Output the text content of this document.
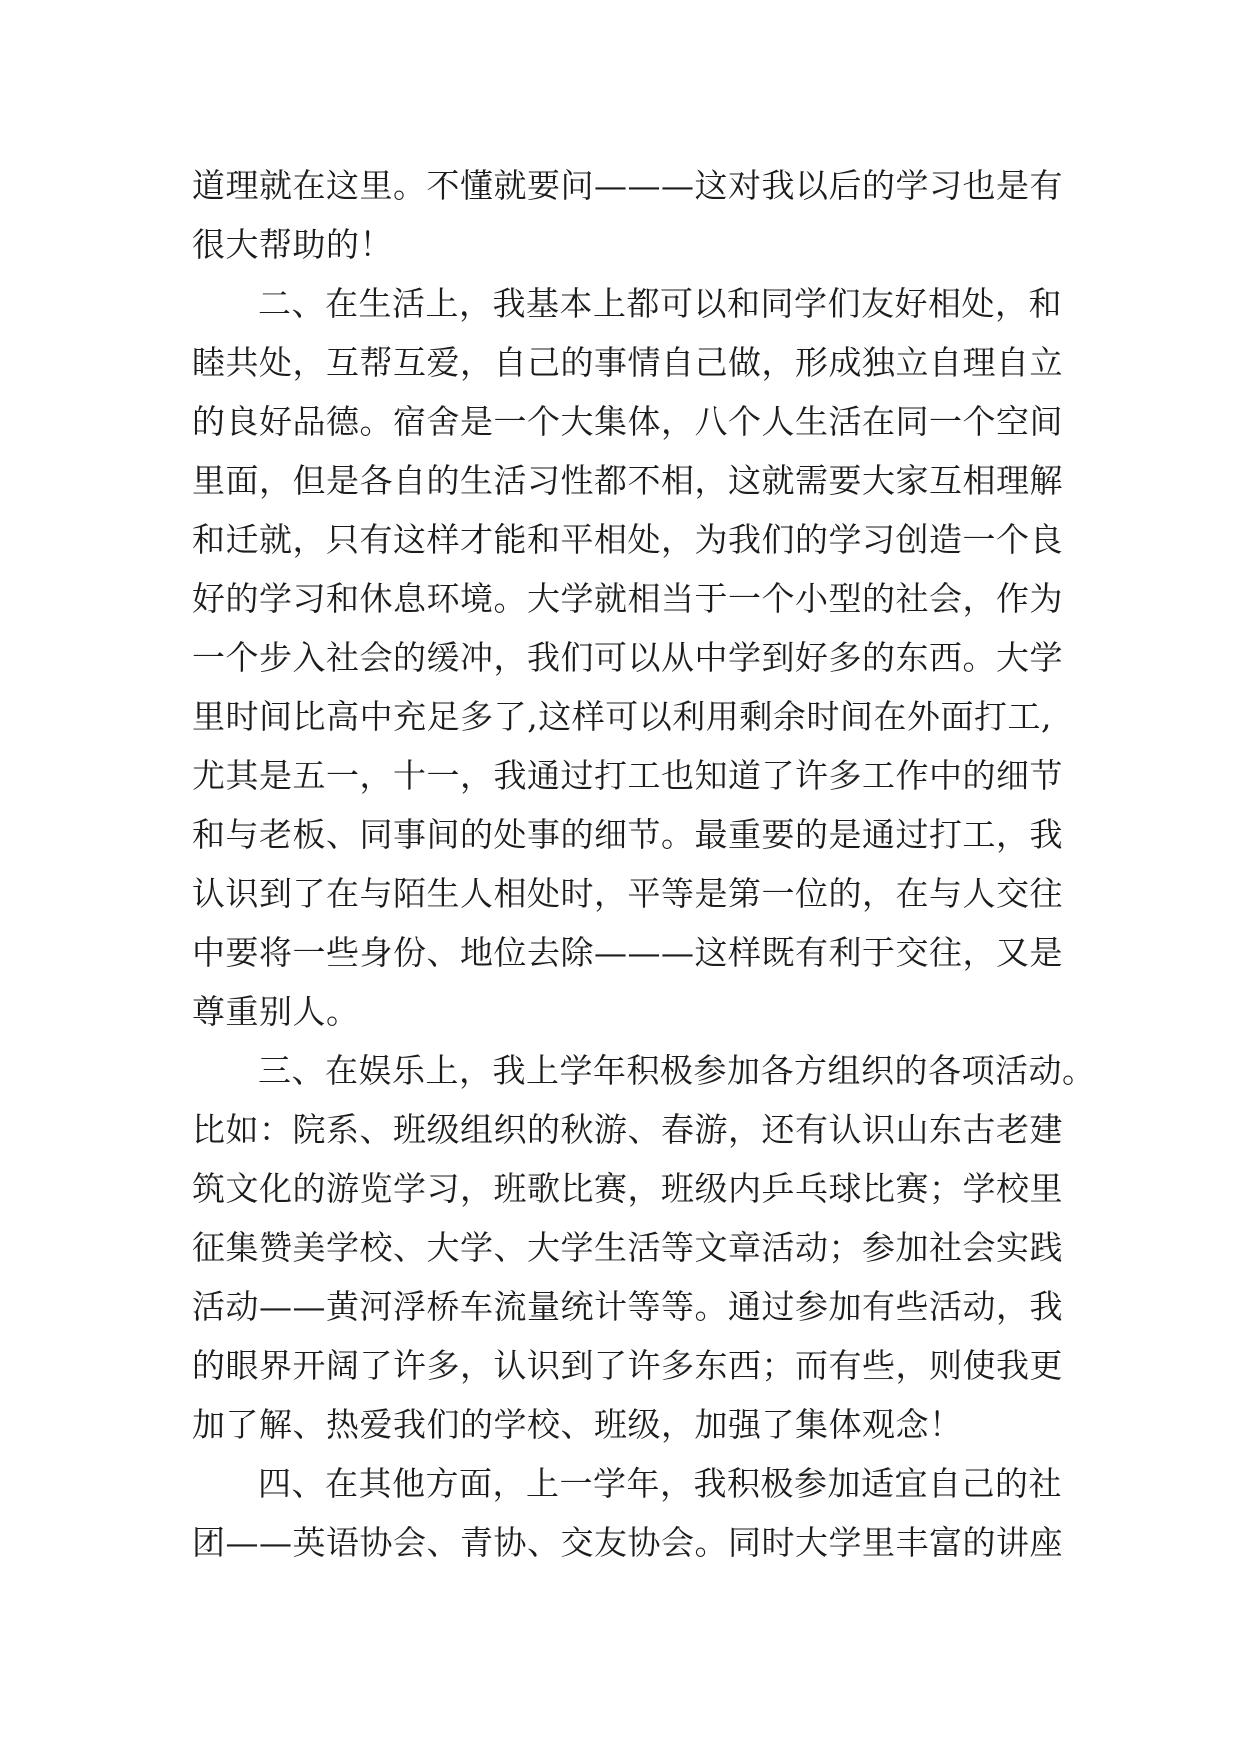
道理就在这里。不懂就要问———这对我以后的学习也是有
很大帮助的！
二、在生活上，我基本上都可以和同学们友好相处，和
睦共处，互帮互爱，自己的事情自己做，形成独立自理自立
的良好品德。宿舍是一个大集体，八个人生活在同一个空间
里面，但是各自的生活习性都不相，这就需要大家互相理解
和迁就，只有这样才能和平相处，为我们的学习创造一个良
好的学习和休息环境。大学就相当于一个小型的社会，作为
一个步入社会的缓冲，我们可以从中学到好多的东西。大学
里时间比高中充足多了,这样可以利用剩余时间在外面打工,
尤其是五一，十一，我通过打工也知道了许多工作中的细节
和与老板、同事间的处事的细节。最重要的是通过打工，我
认识到了在与陌生人相处时，平等是第一位的，在与人交往
中要将一些身份、地位去除———这样既有利于交往，又是
尊重别人。
三、在娱乐上，我上学年积极参加各方组织的各项活动。
比如：院系、班级组织的秋游、春游，还有认识山东古老建
筑文化的游览学习，班歌比赛，班级内乒乓球比赛；学校里
征集赞美学校、大学、大学生活等文章活动；参加社会实践
活动——黄河浮桥车流量统计等等。通过参加有些活动，我
的眼界开阔了许多，认识到了许多东西；而有些，则使我更
加了解、热爱我们的学校、班级，加强了集体观念！
四、在其他方面，上一学年，我积极参加适宜自己的社
团——英语协会、青协、交友协会。同时大学里丰富的讲座
